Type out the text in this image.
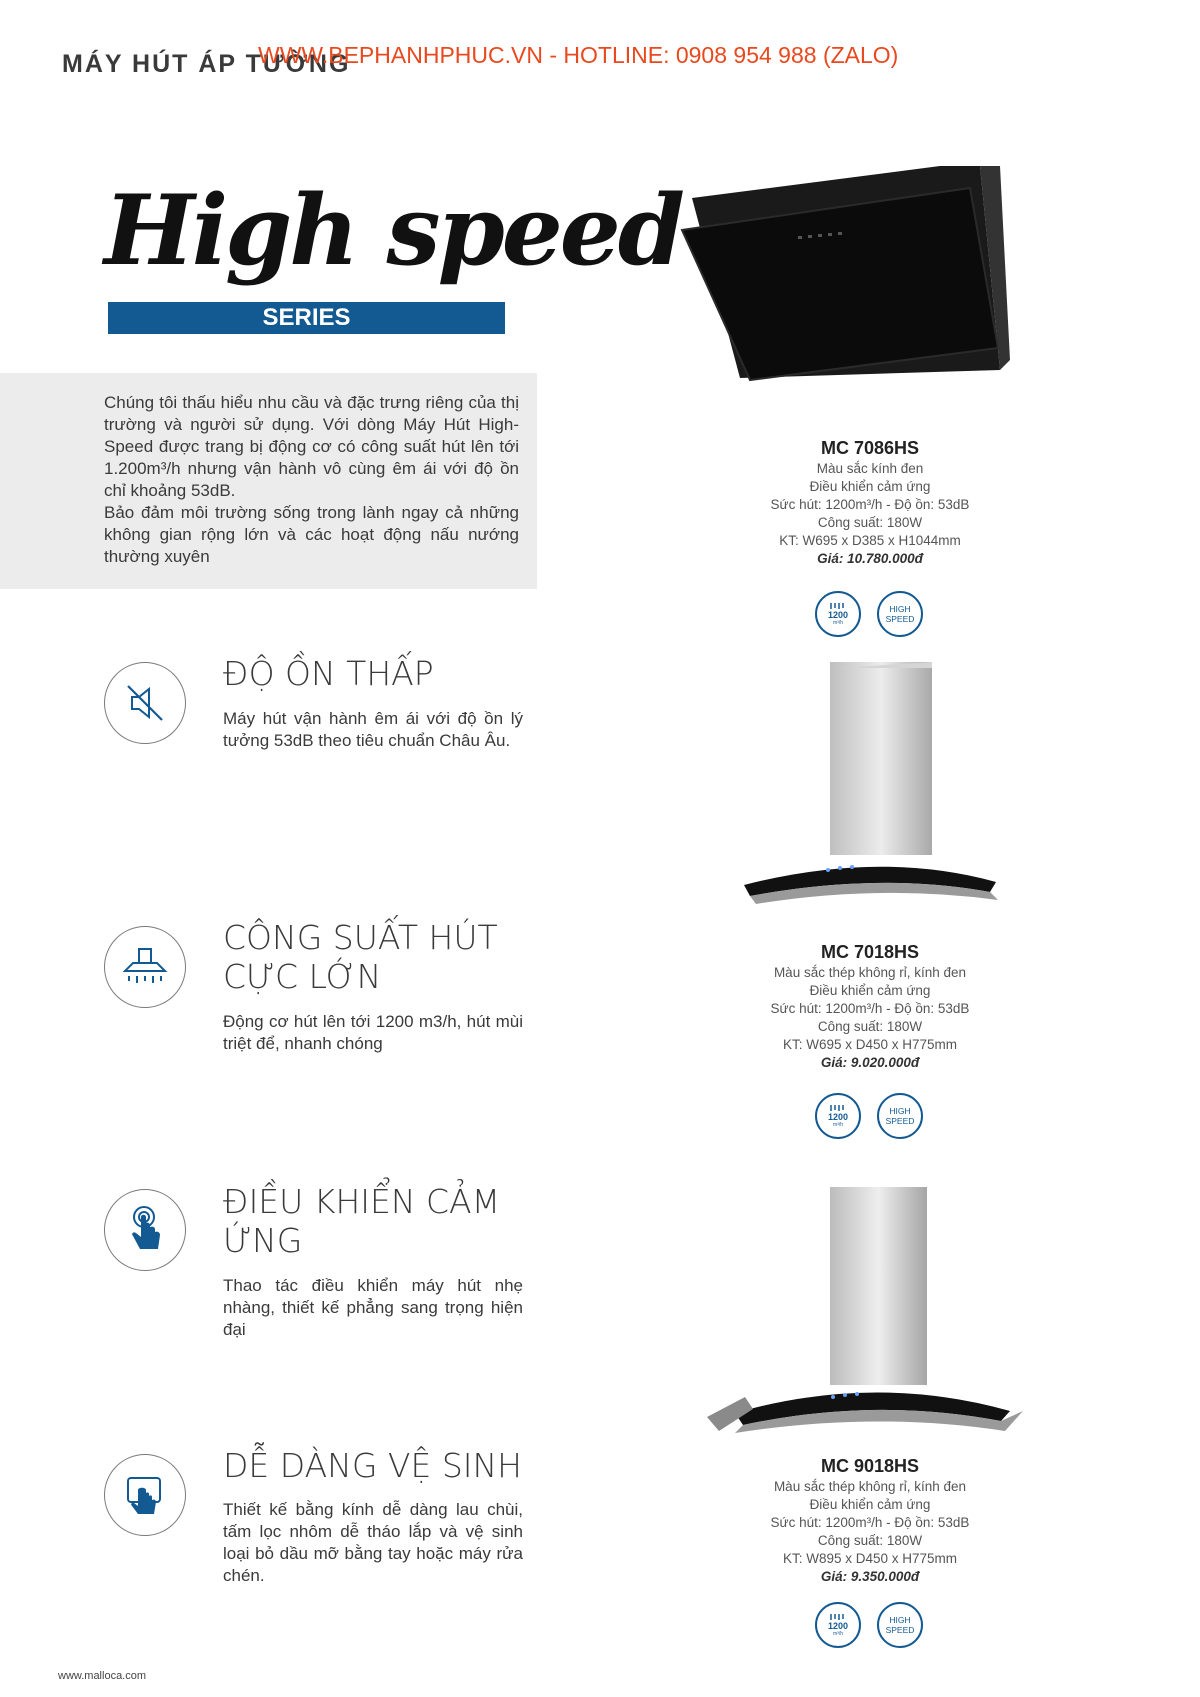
MÁY HÚT ÁP TƯỜNG
WWW.BEPHANHPHUC.VN - HOTLINE: 0908 954 988 (ZALO)
High speed
SERIES

Chúng tôi thấu hiểu nhu cầu và đặc trưng riêng của thị trường và người sử dụng. Với dòng Máy Hút High-Speed được trang bị động cơ có công suất hút lên tới 1.200m³/h nhưng vận hành vô cùng êm ái với độ ồn chỉ khoảng 53dB.

Bảo đảm môi trường sống trong lành ngay cả những không gian rộng lớn và các hoạt động nấu nướng thường xuyên

ĐỘ ỒN THẤP
Máy hút vận hành êm ái với độ ồn lý tưởng 53dB theo tiêu chuẩn Châu Âu.
CÔNG SUẤT HÚT CỰC LỚN
Động cơ hút lên tới 1200 m3/h, hút mùi triệt để, nhanh chóng
ĐIỀU KHIỂN CẢM ỨNG
Thao tác điều khiển máy hút nhẹ nhàng, thiết kế phẳng sang trọng hiện đại
DỄ DÀNG VỆ SINH
Thiết kế bằng kính dễ dàng lau chùi, tấm lọc nhôm dễ tháo lắp và vệ sinh loại bỏ dầu mỡ bằng tay hoặc máy rửa chén.
MC 7086HS
Màu sắc kính đen
Điều khiển cảm ứng
Sức hút: 1200m³/h - Độ ồn: 53dB
Công suất: 180W
KT: W695 x D385 x H1044mm
Giá: 10.780.000đ
1200
m³/h
HIGH
SPEED
MC 7018HS
Màu sắc thép không rỉ, kính đen
Điều khiển cảm ứng
Sức hút: 1200m³/h - Độ ồn: 53dB
Công suất: 180W
KT: W695 x D450 x H775mm
Giá: 9.020.000đ
1200
m³/h
HIGH
SPEED
MC 9018HS
Màu sắc thép không rỉ, kính đen
Điều khiển cảm ứng
Sức hút: 1200m³/h - Độ ồn: 53dB
Công suất: 180W
KT: W895 x D450 x H775mm
Giá: 9.350.000đ
1200
m³/h
HIGH
SPEED
www.malloca.com
